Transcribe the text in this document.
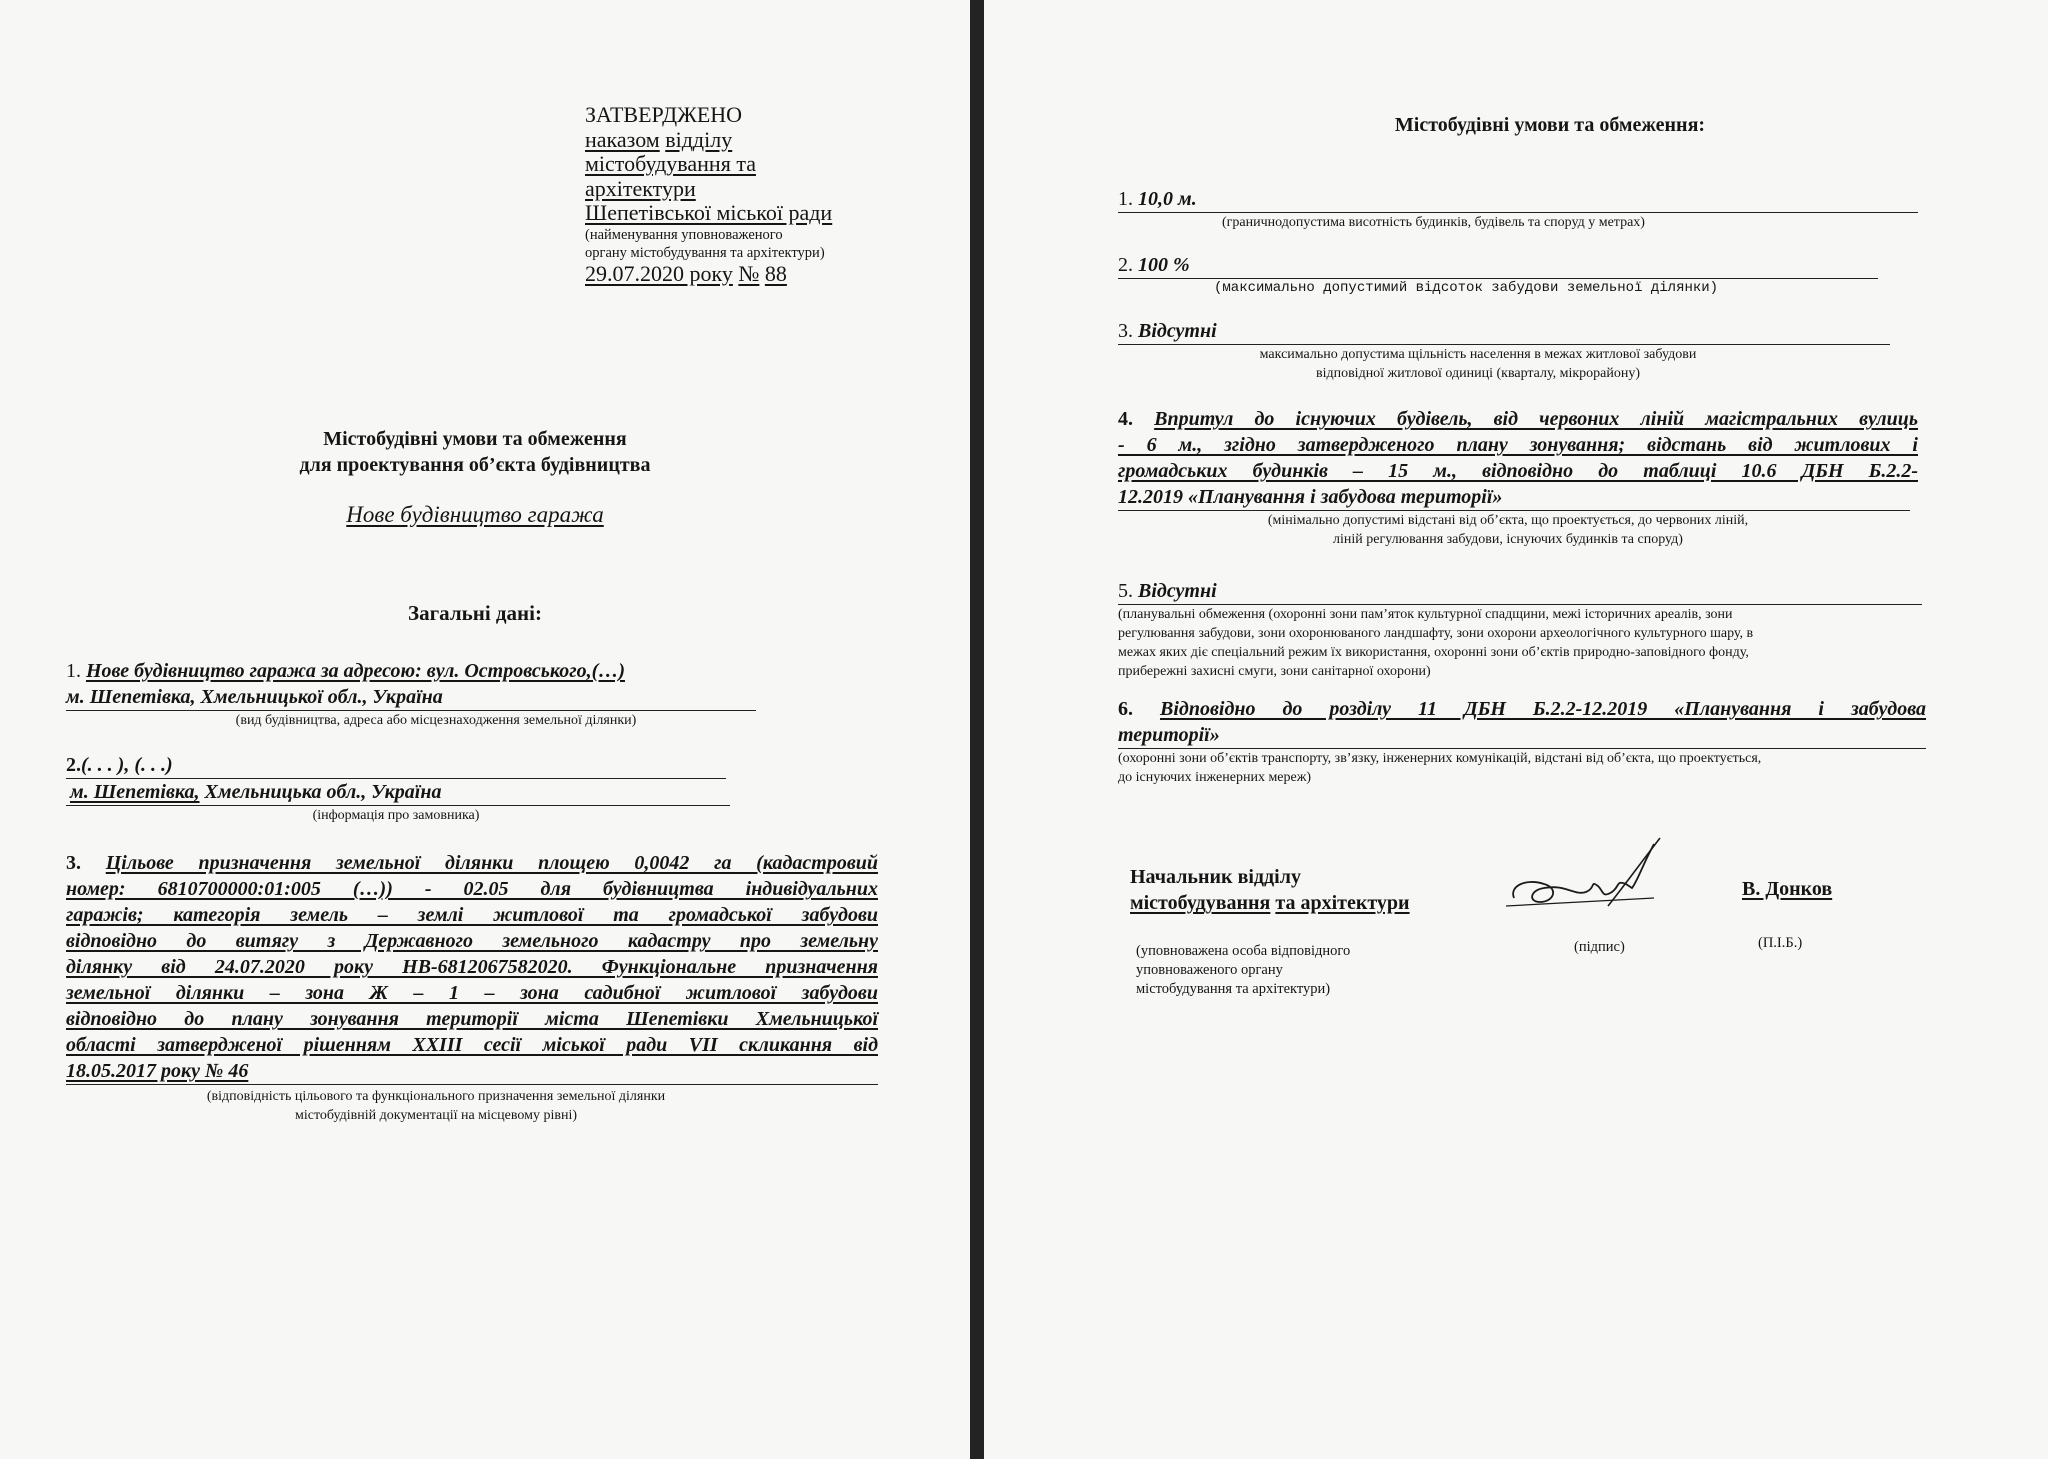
ЗАТВЕРДЖЕНО
наказом відділу
містобудування та
архітектури
Шепетівської міської ради
(найменування уповноваженого
органу містобудування та архітектури)
29.07.2020 року № 88
Містобудівні умови та обмеження
для проектування об’єкта будівництва
Нове будівництво гаража
Загальні дані:
1. Нове будівництво гаража за адресою: вул. Островського,(…)
м. Шепетівка, Хмельницької обл., Україна
(вид будівництва, адреса або місцезнаходження земельної ділянки)
2.(. . . ), (. . .)
м. Шепетівка, Хмельницька обл., Україна
(інформація про замовника)
3. Цільове призначення земельної ділянки площею 0,0042 га (кадастровий
номер: 6810700000:01:005 (…)) - 02.05 для будівництва індивідуальних
гаражів; категорія земель – землі житлової та громадської забудови
відповідно до витягу з Державного земельного кадастру про земельну
ділянку від 24.07.2020 року НВ-6812067582020. Функціональне призначення
земельної ділянки – зона Ж – 1 – зона садибної житлової забудови
відповідно до плану зонування території міста Шепетівки Хмельницької
області затвердженої рішенням XXIII сесії міської ради VII скликання від
18.05.2017 року № 46
(відповідність цільового та функціонального призначення земельної ділянки
містобудівній документації на місцевому рівні)
Містобудівні умови та обмеження:
1. 10,0 м.
(граничнодопустима висотність будинків, будівель та споруд у метрах)
2. 100 %
(максимально допустимий відсоток забудови земельної ділянки)
3. Відсутні
максимально допустима щільність населення в межах житлової забудови
відповідної житлової одиниці (кварталу, мікрорайону)
4. Впритул до існуючих будівель, від червоних ліній магістральних вулиць
- 6 м., згідно затвердженого плану зонування; відстань від житлових і
громадських будинків – 15 м., відповідно до таблиці 10.6 ДБН Б.2.2-
12.2019 «Планування і забудова території»
(мінімально допустимі відстані від об’єкта, що проектується, до червоних ліній,
ліній регулювання забудови, існуючих будинків та споруд)
5. Відсутні
(планувальні обмеження (охоронні зони пам’яток культурної спадщини, межі історичних ареалів, зони
регулювання забудови, зони охоронюваного ландшафту, зони охорони археологічного культурного шару, в
межах яких діє спеціальний режим їх використання, охоронні зони об’єктів природно-заповідного фонду,
прибережні захисні смуги, зони санітарної охорони)
6. Відповідно до розділу 11 ДБН Б.2.2-12.2019 «Планування і забудова
території»
(охоронні зони об’єктів транспорту, зв’язку, інженерних комунікацій, відстані від об’єкта, що проектується,
до існуючих інженерних мереж)
Начальник відділу
містобудування та архітектури
В. Донков
(уповноважена особа відповідного
уповноваженого органу
містобудування та архітектури)
(підпис)	(П.І.Б.)
